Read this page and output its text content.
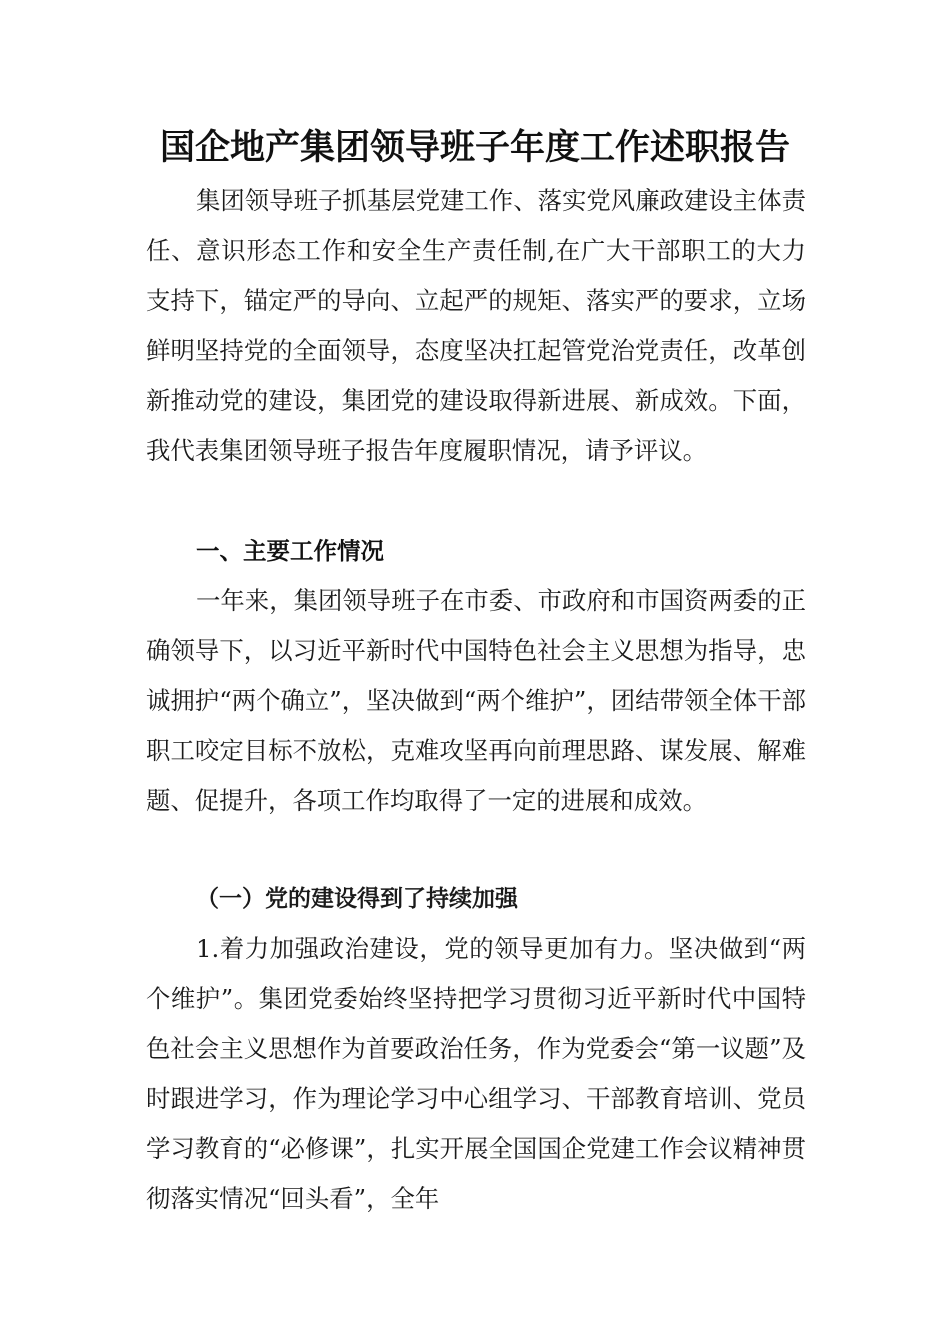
国企地产集团领导班子年度工作述职报告

集团领导班子抓基层党建工作、落实党风廉政建设主体责任、意识形态工作和安全生产责任制,在广大干部职工的大力支持下，锚定严的导向、立起严的规矩、落实严的要求，立场鲜明坚持党的全面领导，态度坚决扛起管党治党责任，改革创新推动党的建设，集团党的建设取得新进展、新成效。下面，我代表集团领导班子报告年度履职情况，请予评议。

一、主要工作情况

一年来，集团领导班子在市委、市政府和市国资两委的正确领导下，以习近平新时代中国特色社会主义思想为指导，忠诚拥护“两个确立”，坚决做到“两个维护”，团结带领全体干部职工咬定目标不放松，克难攻坚再向前理思路、谋发展、解难题、促提升，各项工作均取得了一定的进展和成效。

（一）党的建设得到了持续加强

1.着力加强政治建设，党的领导更加有力。坚决做到“两个维护”。集团党委始终坚持把学习贯彻习近平新时代中国特色社会主义思想作为首要政治任务，作为党委会“第一议题”及时跟进学习，作为理论学习中心组学习、干部教育培训、党员学习教育的“必修课”，扎实开展全国国企党建工作会议精神贯彻落实情况“回头看”，全年
